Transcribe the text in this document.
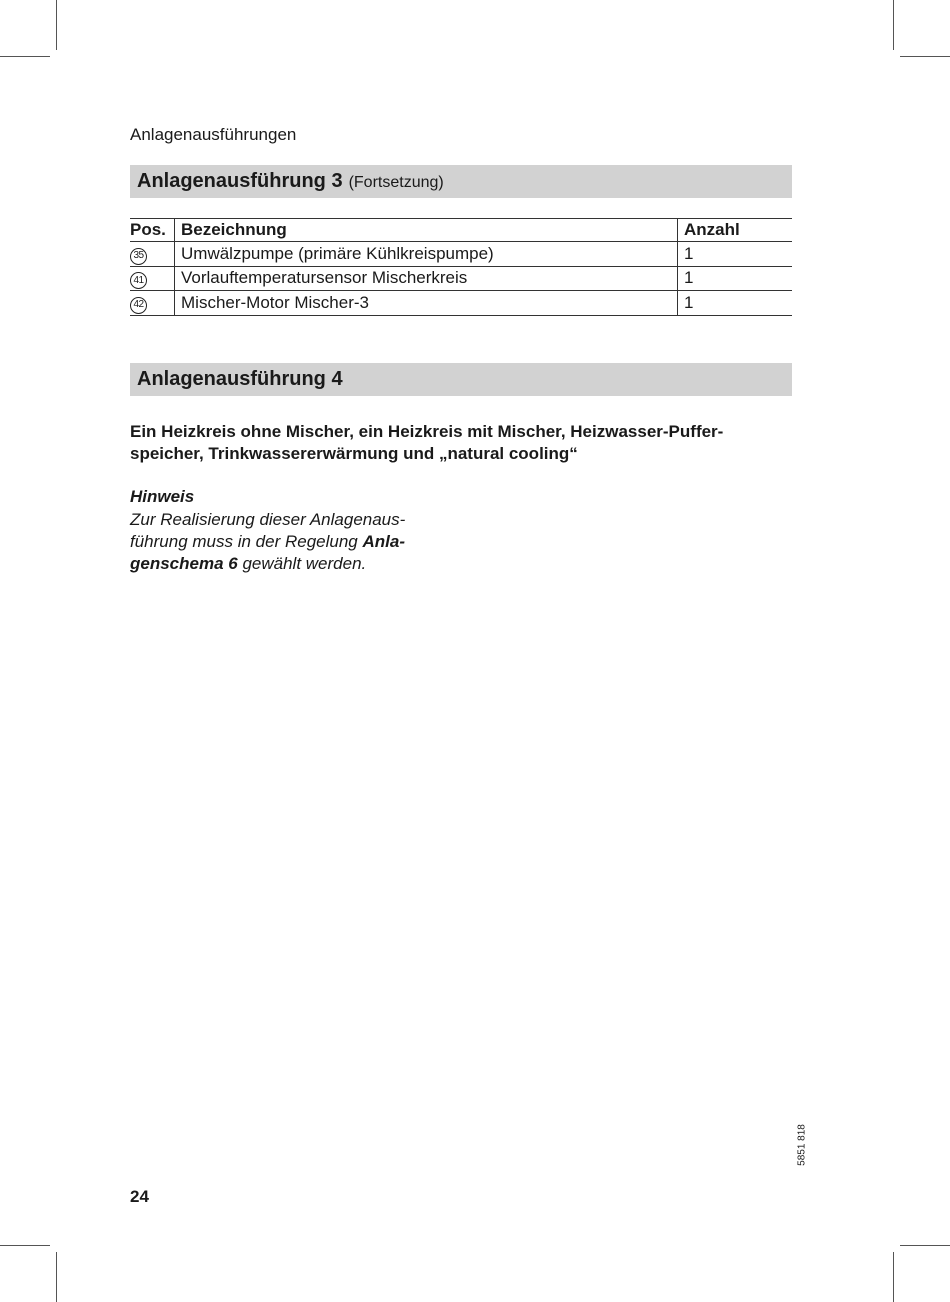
Anlagenausführungen
Anlagenausführung 3 (Fortsetzung)
Pos.	Bezeichnung	Anzahl
35	Umwälzpumpe (primäre Kühlkreispumpe)	1
41	Vorlauftemperatursensor Mischerkreis	1
42	Mischer-Motor Mischer-3	1
Anlagenausführung 4

Ein Heizkreis ohne Mischer, ein Heizkreis mit Mischer, Heizwasser-Puffer-
speicher, Trinkwassererwärmung und „natural cooling“

Hinweis

Zur Realisierung dieser Anlagenaus-
führung muss in der Regelung Anla-
genschema 6 gewählt werden.

5851 818
24
